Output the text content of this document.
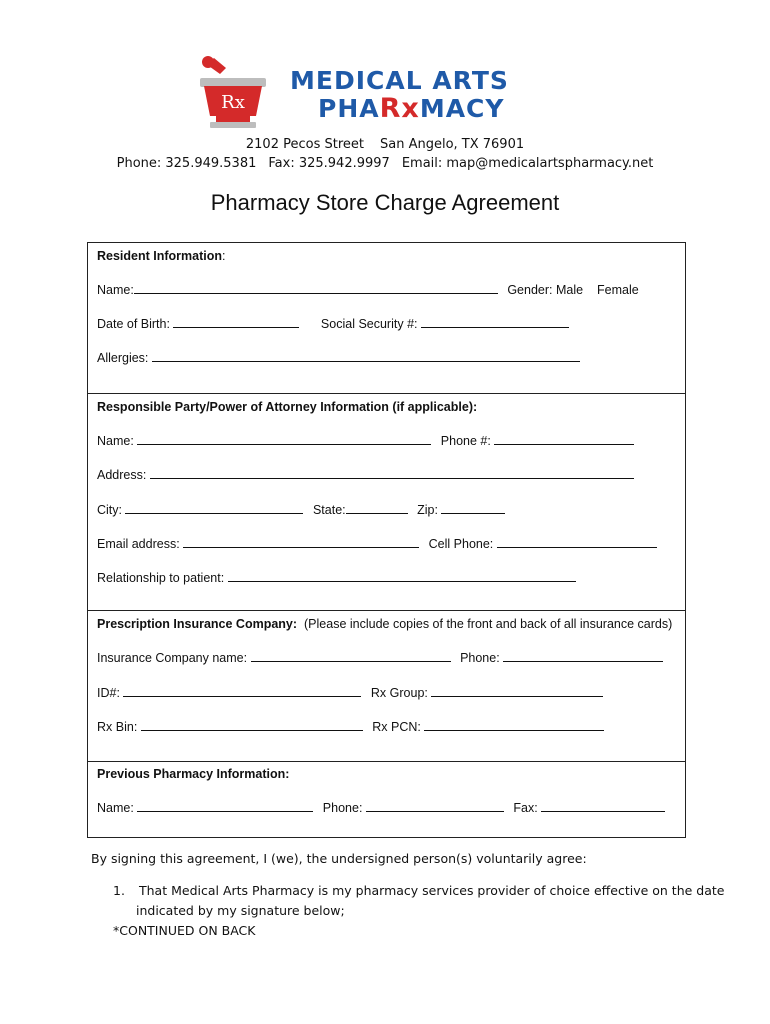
Rx
MEDICAL ARTS
PHARxMACY
2102 Pecos Street San Angelo, TX 76901
Phone: 325.949.5381 Fax: 325.942.9997 Email: map@medicalartspharmacy.net
Pharmacy Store Charge Agreement
Resident Information:
Name:	Gender: Male Female
Date of Birth:	Social Security #:
Allergies:
Responsible Party/Power of Attorney Information (if applicable):
Name:	Phone #:
Address:
City:	State:	Zip:
Email address:	Cell Phone:
Relationship to patient:
Prescription Insurance Company: (Please include copies of the front and back of all insurance cards)
Insurance Company name:	Phone:
ID#:	Rx Group:
Rx Bin:	Rx PCN:
Previous Pharmacy Information:
Name:	Phone:	Fax:
By signing this agreement, I (we), the undersigned person(s) voluntarily agree:
1. That Medical Arts Pharmacy is my pharmacy services provider of choice effective on the date
indicated by my signature below;
*CONTINUED ON BACK
